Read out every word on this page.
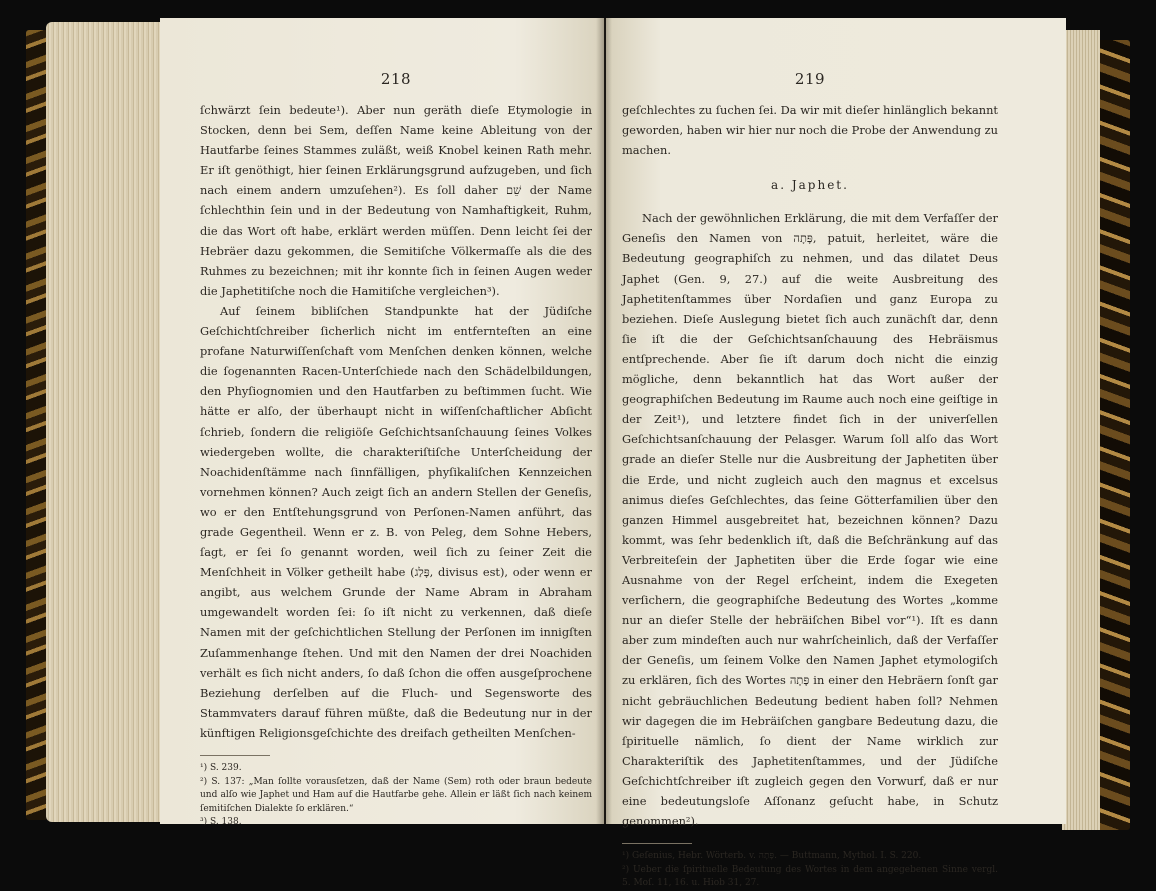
218

ſchwärzt ſein bedeute¹). Aber nun geräth dieſe Etymologie in Stocken, denn bei Sem, deſſen Name keine Ableitung von der Hautfarbe ſeines Stammes zuläßt, weiß Knobel keinen Rath mehr. Er iſt genöthigt, hier ſeinen Erklärungsgrund aufzugeben, und ſich nach einem andern umzuſehen²). Es ſoll daher שֵׁם der Name ſchlechthin ſein und in der Bedeutung von Namhaftigkeit, Ruhm, die das Wort oft habe, erklärt werden müſſen. Denn leicht ſei der Hebräer dazu gekommen, die Semitiſche Völkermaſſe als die des Ruhmes zu bezeichnen; mit ihr konnte ſich in ſeinen Augen weder die Japhetitiſche noch die Hamitiſche vergleichen³).

Auf ſeinem bibliſchen Standpunkte hat der Jüdiſche Geſchichtſchreiber ſicherlich nicht im entfernteſten an eine profane Naturwiſſenſchaft vom Menſchen denken können, welche die ſogenannten Racen-Unterſchiede nach den Schädelbildungen, den Phyſiognomien und den Hautfarben zu beſtimmen ſucht. Wie hätte er alſo, der überhaupt nicht in wiſſenſchaftlicher Abſicht ſchrieb, ſondern die religiöſe Geſchichtsanſchauung ſeines Volkes wiedergeben wollte, die charakteriſtiſche Unterſcheidung der Noachidenſtämme nach ſinnfälligen, phyſikaliſchen Kennzeichen vornehmen können? Auch zeigt ſich an andern Stellen der Geneſis, wo er den Entſtehungsgrund von Perſonen-Namen anführt, das grade Gegentheil. Wenn er z. B. von Peleg, dem Sohne Hebers, ſagt, er ſei ſo genannt worden, weil ſich zu ſeiner Zeit die Menſchheit in Völker getheilt habe (פָּלַג, divisus est), oder wenn er angibt, aus welchem Grunde der Name Abram in Abraham umgewandelt worden ſei: ſo iſt nicht zu verkennen, daß dieſe Namen mit der geſchichtlichen Stellung der Perſonen im innigſten Zuſammenhange ſtehen. Und mit den Namen der drei Noachiden verhält es ſich nicht anders, ſo daß ſchon die offen ausgeſprochene Beziehung derſelben auf die Fluch- und Segensworte des Stammvaters darauf führen müßte, daß die Bedeutung nur in der künftigen Religionsgeſchichte des dreifach getheilten Menſchen-

¹) S. 239.

²) S. 137: „Man ſollte vorausſetzen, daß der Name (Sem) roth oder braun bedeute und alſo wie Japhet und Ham auf die Hautfarbe gehe. Allein er läßt ſich nach keinem ſemitiſchen Dialekte ſo erklären.“

³) S. 138.

219

geſchlechtes zu ſuchen ſei. Da wir mit dieſer hinlänglich bekannt geworden, haben wir hier nur noch die Probe der Anwendung zu machen.

a. Japhet.

Nach der gewöhnlichen Erklärung, die mit dem Verfaſſer der Geneſis den Namen von פָּתָה, patuit, herleitet, wäre die Bedeutung geographiſch zu nehmen, und das dilatet Deus Japhet (Gen. 9, 27.) auf die weite Ausbreitung des Japhetitenſtammes über Nordaſien und ganz Europa zu beziehen. Dieſe Auslegung bietet ſich auch zunächſt dar, denn ſie iſt die der Geſchichtsanſchauung des Hebräismus entſprechende. Aber ſie iſt darum doch nicht die einzig mögliche, denn bekanntlich hat das Wort außer der geographiſchen Bedeutung im Raume auch noch eine geiſtige in der Zeit¹), und letztere findet ſich in der univerſellen Geſchichtsanſchauung der Pelasger. Warum ſoll alſo das Wort grade an dieſer Stelle nur die Ausbreitung der Japhetiten über die Erde, und nicht zugleich auch den magnus et excelsus animus dieſes Geſchlechtes, das ſeine Götterfamilien über den ganzen Himmel ausgebreitet hat, bezeichnen können? Dazu kommt, was ſehr bedenklich iſt, daß die Beſchränkung auf das Verbreiteſein der Japhetiten über die Erde ſogar wie eine Ausnahme von der Regel erſcheint, indem die Exegeten verſichern, die geographiſche Bedeutung des Wortes „komme nur an dieſer Stelle der hebräiſchen Bibel vor“¹). Iſt es dann aber zum mindeſten auch nur wahrſcheinlich, daß der Verfaſſer der Geneſis, um ſeinem Volke den Namen Japhet etymologiſch zu erklären, ſich des Wortes פָּתָה in einer den Hebräern ſonſt gar nicht gebräuchlichen Bedeutung bedient haben ſoll? Nehmen wir dagegen die im Hebräiſchen gangbare Bedeutung dazu, die ſpirituelle nämlich, ſo dient der Name wirklich zur Charakteriſtik des Japhetitenſtammes, und der Jüdiſche Geſchichtſchreiber iſt zugleich gegen den Vorwurf, daß er nur eine bedeutungsloſe Aſſonanz geſucht habe, in Schutz genommen²).

¹) Geſenius, Hebr. Wörterb. v. פָּתָה. — Buttmann, Mythol. I. S. 220.

²) Ueber die ſpirituelle Bedeutung des Wortes in dem angegebenen Sinne vergl. 5. Moſ. 11, 16. u. Hiob 31, 27.
